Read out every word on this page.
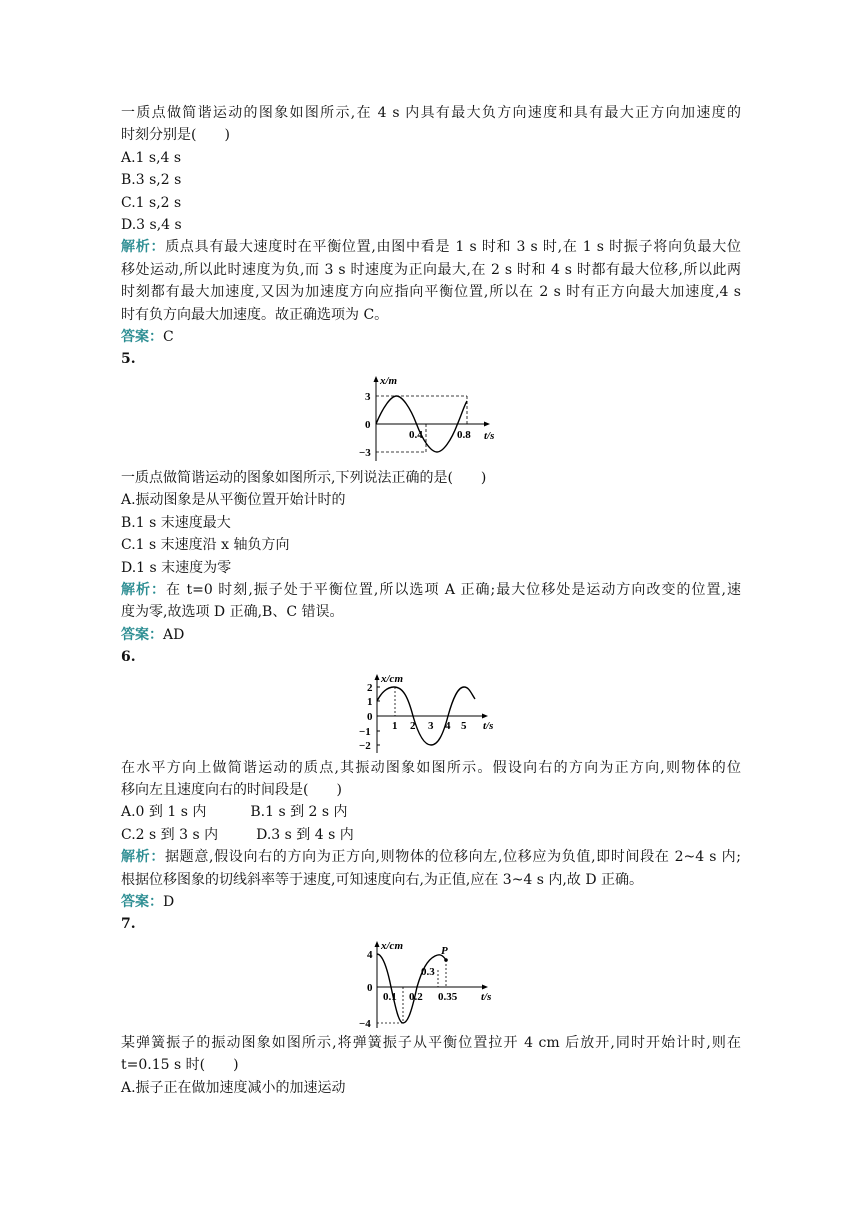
一质点做简谐运动的图象如图所示,在 4 s 内具有最大负方向速度和具有最大正方向加速度的
时刻分别是(　　)
A.1 s,4 s
B.3 s,2 s
C.1 s,2 s
D.3 s,4 s
解析：质点具有最大速度时在平衡位置,由图中看是 1 s 时和 3 s 时,在 1 s 时振子将向负最大位
移处运动,所以此时速度为负,而 3 s 时速度为正向最大,在 2 s 时和 4 s 时都有最大位移,所以此两
时刻都有最大加速度,又因为加速度方向应指向平衡位置,所以在 2 s 时有正方向最大加速度,4 s
时有负方向最大加速度。故正确选项为 C。
答案：C
5.
x/m
3
0
−3
0.4	0.8 t/s
一质点做简谐运动的图象如图所示,下列说法正确的是(　　)
A.振动图象是从平衡位置开始计时的
B.1 s 末速度最大
C.1 s 末速度沿 x 轴负方向
D.1 s 末速度为零
解析：在 t=0 时刻,振子处于平衡位置,所以选项 A 正确;最大位移处是运动方向改变的位置,速
度为零,故选项 D 正确,B、C 错误。
答案：AD
6.
x/cm
2
1
0
−1
−2
1 2 3 4 5 t/s
在水平方向上做简谐运动的质点,其振动图象如图所示。假设向右的方向为正方向,则物体的位
移向左且速度向右的时间段是(　　)
A.0 到 1 s 内	B.1 s 到 2 s 内
C.2 s 到 3 s 内	D.3 s 到 4 s 内
解析：据题意,假设向右的方向为正方向,则物体的位移向左,位移应为负值,即时间段在 2~4 s 内;
根据位移图象的切线斜率等于速度,可知速度向右,为正值,应在 3~4 s 内,故 D 正确。
答案：D
7.
P
x/cm
4
0
−4
0.1 0.2
0.3
0.35 t/s
某弹簧振子的振动图象如图所示,将弹簧振子从平衡位置拉开 4 cm 后放开,同时开始计时,则在
t=0.15 s 时(　　)
A.振子正在做加速度减小的加速运动
